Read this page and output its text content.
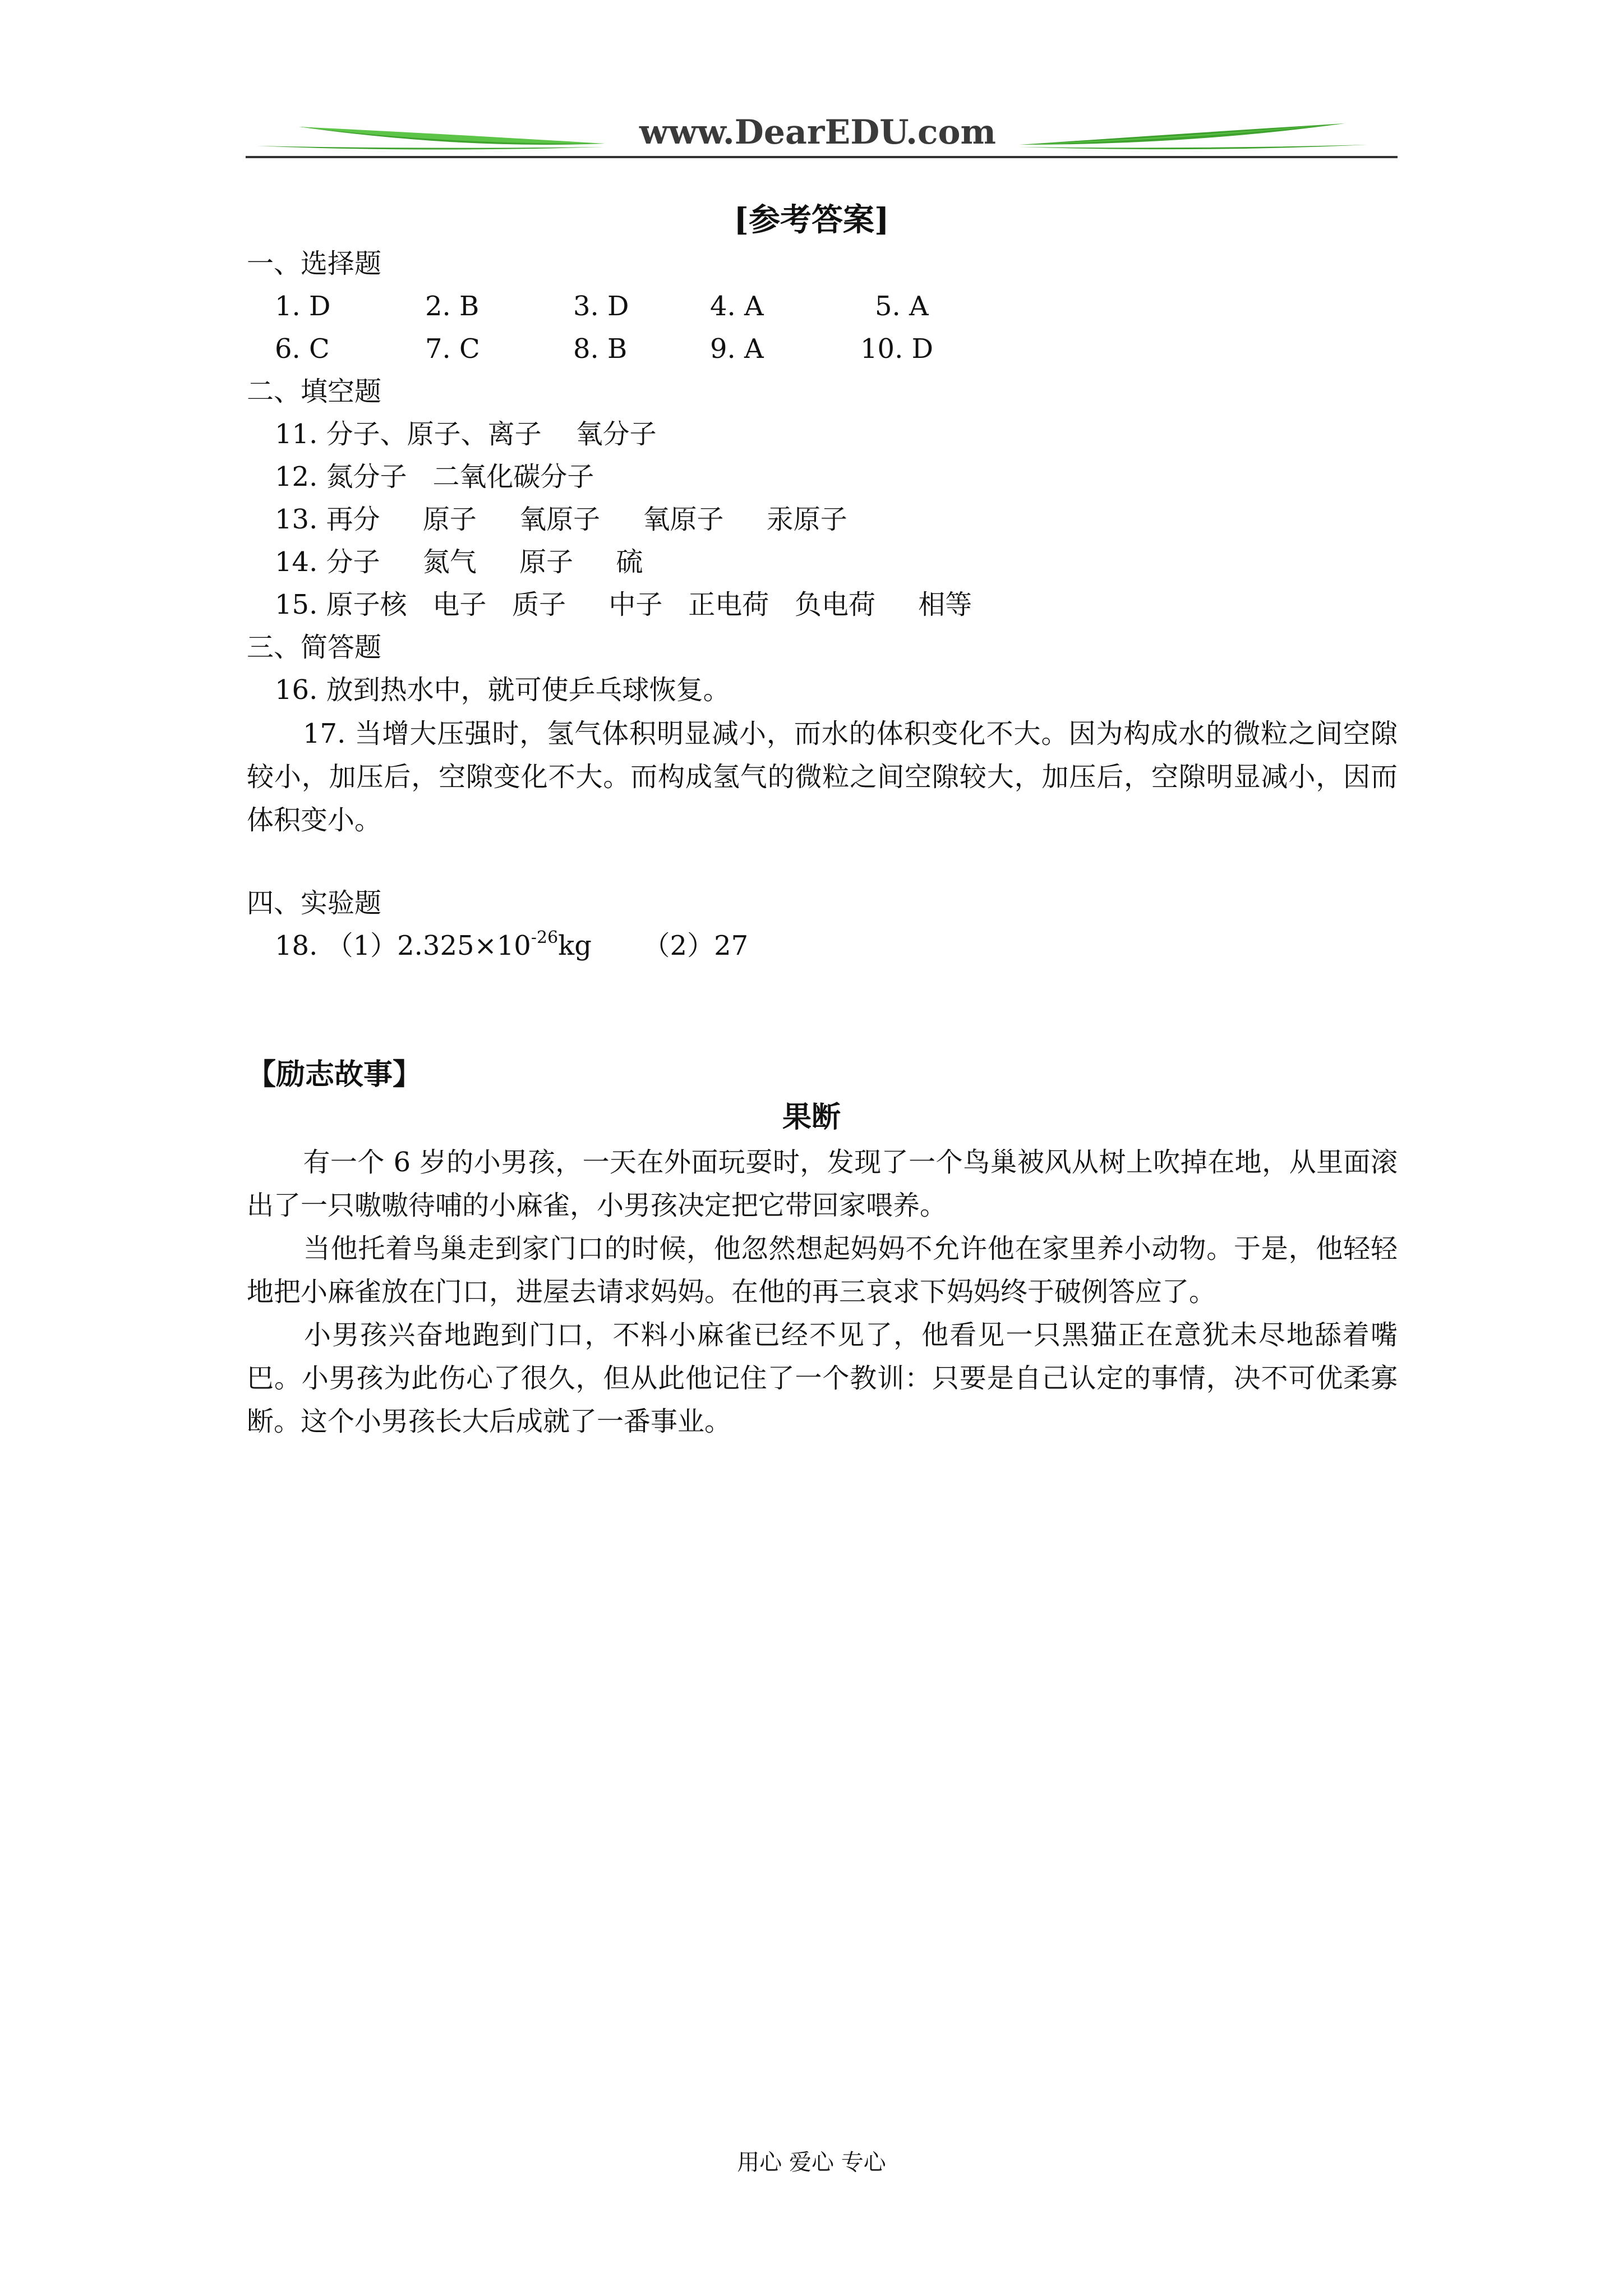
www.DearEDU.com
[参考答案]
一、选择题
1. D	2. B	3. D	4. A	5. A
6. C	7. C	8. B	9. A	10. D
二、填空题
11. 分子、原子、离子    氧分子
12. 氮分子   二氧化碳分子
13. 再分     原子     氧原子     氧原子     汞原子
14. 分子     氮气     原子     硫
15. 原子核   电子   质子     中子   正电荷   负电荷     相等
三、简答题
16. 放到热水中，就可使乒乓球恢复。
17. 当增大压强时，氢气体积明显减小，而水的体积变化不大。因为构成水的微粒之间空隙较小，加压后，空隙变化不大。而构成氢气的微粒之间空隙较大，加压后，空隙明显减小，因而体积变小。
四、实验题
18. $(1)2.325\times 10^{-26}kg$      （2）27
【励志故事】
果断
有一个 6 岁的小男孩，一天在外面玩耍时，发现了一个鸟巢被风从树上吹掉在地，从里面滚出了一只嗷嗷待哺的小麻雀，小男孩决定把它带回家喂养。
当他托着鸟巢走到家门口的时候，他忽然想起妈妈不允许他在家里养小动物。于是，他轻轻地把小麻雀放在门口，进屋去请求妈妈。在他的再三哀求下妈妈终于破例答应了。
小男孩兴奋地跑到门口，不料小麻雀已经不见了，他看见一只黑猫正在意犹未尽地舔着嘴巴。小男孩为此伤心了很久，但从此他记住了一个教训：只要是自己认定的事情，决不可优柔寡断。这个小男孩长大后成就了一番事业。
用心 爱心 专心
